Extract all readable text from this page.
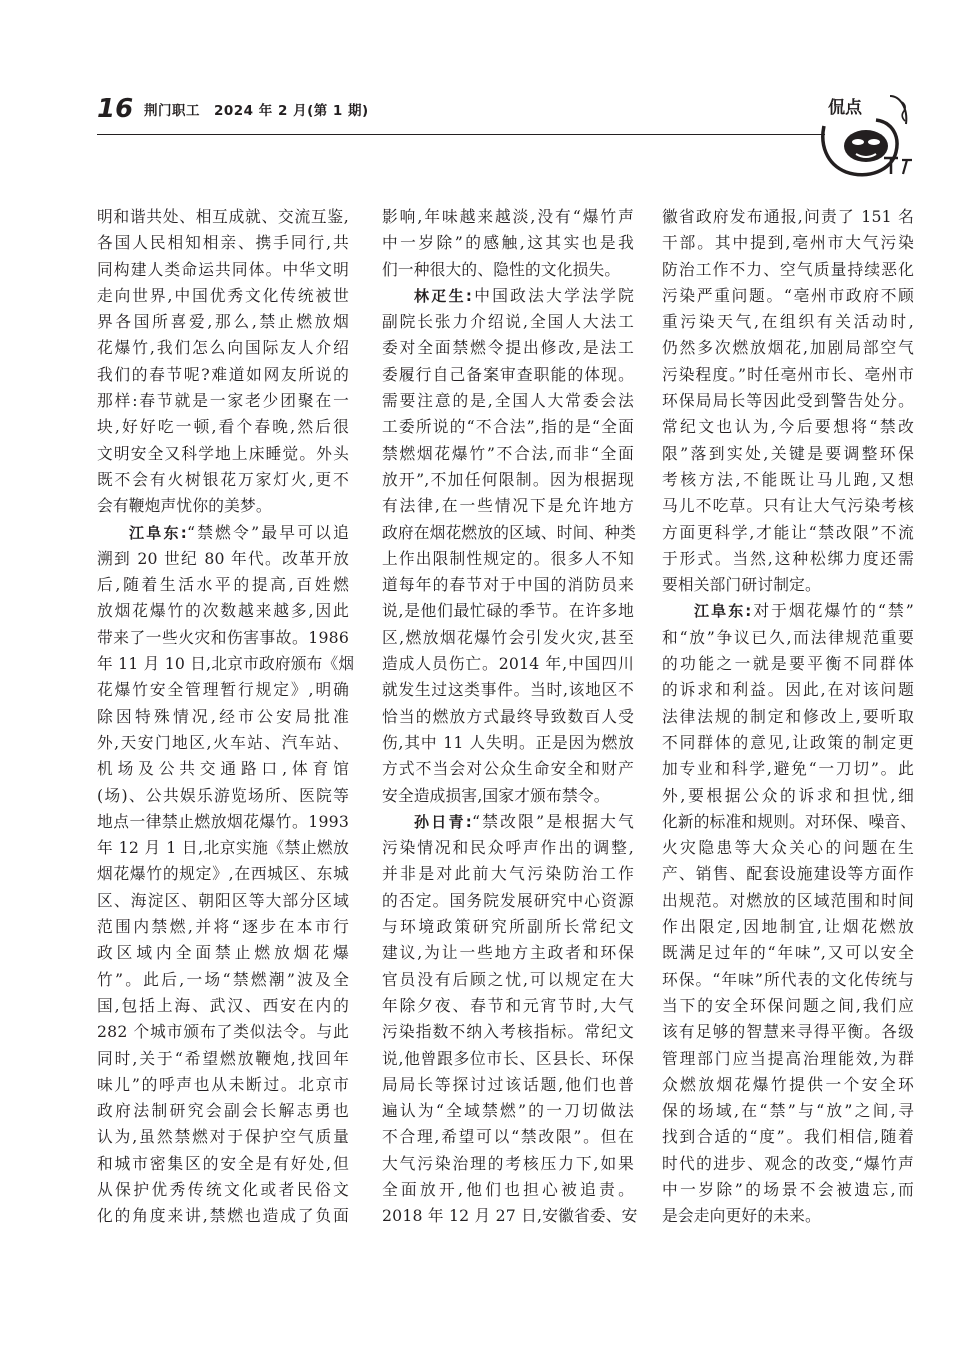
16 荆门职工　2024 年 2 月(第 1 期)	侃点
明和谐共处、相互成就、交流互鉴,
各国人民相知相亲、携手同行,共
同构建人类命运共同体。中华文明
走向世界,中国优秀文化传统被世
界各国所喜爱,那么,禁止燃放烟
花爆竹,我们怎么向国际友人介绍
我们的春节呢?难道如网友所说的
那样:春节就是一家老少团聚在一
块,好好吃一顿,看个春晚,然后很
文明安全又科学地上床睡觉。外头
既不会有火树银花万家灯火,更不
会有鞭炮声忧你的美梦。
江阜东:“禁燃令”最早可以追
溯到 20 世纪 80 年代。改革开放
后,随着生活水平的提高,百姓燃
放烟花爆竹的次数越来越多,因此
带来了一些火灾和伤害事故。1986
年 11 月 10 日,北京市政府颁布《烟
花爆竹安全管理暂行规定》,明确
除因特殊情况,经市公安局批准
外,天安门地区,火车站、汽车站、
机场及公共交通路口,体育馆
(场)、公共娱乐游览场所、医院等
地点一律禁止燃放烟花爆竹。1993
年 12 月 1 日,北京实施《禁止燃放
烟花爆竹的规定》,在西城区、东城
区、海淀区、朝阳区等大部分区域
范围内禁燃,并将“逐步在本市行
政区域内全面禁止燃放烟花爆
竹”。此后,一场“禁燃潮”波及全
国,包括上海、武汉、西安在内的
282 个城市颁布了类似法令。与此
同时,关于“希望燃放鞭炮,找回年
味儿”的呼声也从未断过。北京市
政府法制研究会副会长解志勇也
认为,虽然禁燃对于保护空气质量
和城市密集区的安全是有好处,但
从保护优秀传统文化或者民俗文
化的角度来讲,禁燃也造成了负面
影响,年味越来越淡,没有“爆竹声
中一岁除”的感触,这其实也是我
们一种很大的、隐性的文化损失。
林疋生:中国政法大学法学院
副院长张力介绍说,全国人大法工
委对全面禁燃令提出修改,是法工
委履行自己备案审查职能的体现。
需要注意的是,全国人大常委会法
工委所说的“不合法”,指的是“全面
禁燃烟花爆竹”不合法,而非“全面
放开”,不加任何限制。因为根据现
有法律,在一些情况下是允许地方
政府在烟花燃放的区域、时间、种类
上作出限制性规定的。很多人不知
道每年的春节对于中国的消防员来
说,是他们最忙碌的季节。在许多地
区,燃放烟花爆竹会引发火灾,甚至
造成人员伤亡。2014 年,中国四川
就发生过这类事件。当时,该地区不
恰当的燃放方式最终导致数百人受
伤,其中 11 人失明。正是因为燃放
方式不当会对公众生命安全和财产
安全造成损害,国家才颁布禁令。
孙日青:“禁改限”是根据大气
污染情况和民众呼声作出的调整,
并非是对此前大气污染防治工作
的否定。国务院发展研究中心资源
与环境政策研究所副所长常纪文
建议,为让一些地方主政者和环保
官员没有后顾之忧,可以规定在大
年除夕夜、春节和元宵节时,大气
污染指数不纳入考核指标。常纪文
说,他曾跟多位市长、区县长、环保
局局长等探讨过该话题,他们也普
遍认为“全域禁燃”的一刀切做法
不合理,希望可以“禁改限”。但在
大气污染治理的考核压力下,如果
全面放开,他们也担心被追责。
2018 年 12 月 27 日,安徽省委、安
徽省政府发布通报,问责了 151 名
干部。其中提到,亳州市大气污染
防治工作不力、空气质量持续恶化
污染严重问题。“亳州市政府不顾
重污染天气,在组织有关活动时,
仍然多次燃放烟花,加剧局部空气
污染程度。”时任亳州市长、亳州市
环保局局长等因此受到警告处分。
常纪文也认为,今后要想将“禁改
限”落到实处,关键是要调整环保
考核方法,不能既让马儿跑,又想
马儿不吃草。只有让大气污染考核
方面更科学,才能让“禁改限”不流
于形式。当然,这种松绑力度还需
要相关部门研讨制定。
江阜东:对于烟花爆竹的“禁”
和“放”争议已久,而法律规范重要
的功能之一就是要平衡不同群体
的诉求和利益。因此,在对该问题
法律法规的制定和修改上,要听取
不同群体的意见,让政策的制定更
加专业和科学,避免“一刀切”。此
外,要根据公众的诉求和担忧,细
化新的标准和规则。对环保、噪音、
火灾隐患等大众关心的问题在生
产、销售、配套设施建设等方面作
出规范。对燃放的区域范围和时间
作出限定,因地制宜,让烟花燃放
既满足过年的“年味”,又可以安全
环保。“年味”所代表的文化传统与
当下的安全环保问题之间,我们应
该有足够的智慧来寻得平衡。各级
管理部门应当提高治理能效,为群
众燃放烟花爆竹提供一个安全环
保的场域,在“禁”与“放”之间,寻
找到合适的“度”。我们相信,随着
时代的进步、观念的改变,“爆竹声
中一岁除”的场景不会被遗忘,而
是会走向更好的未来。
